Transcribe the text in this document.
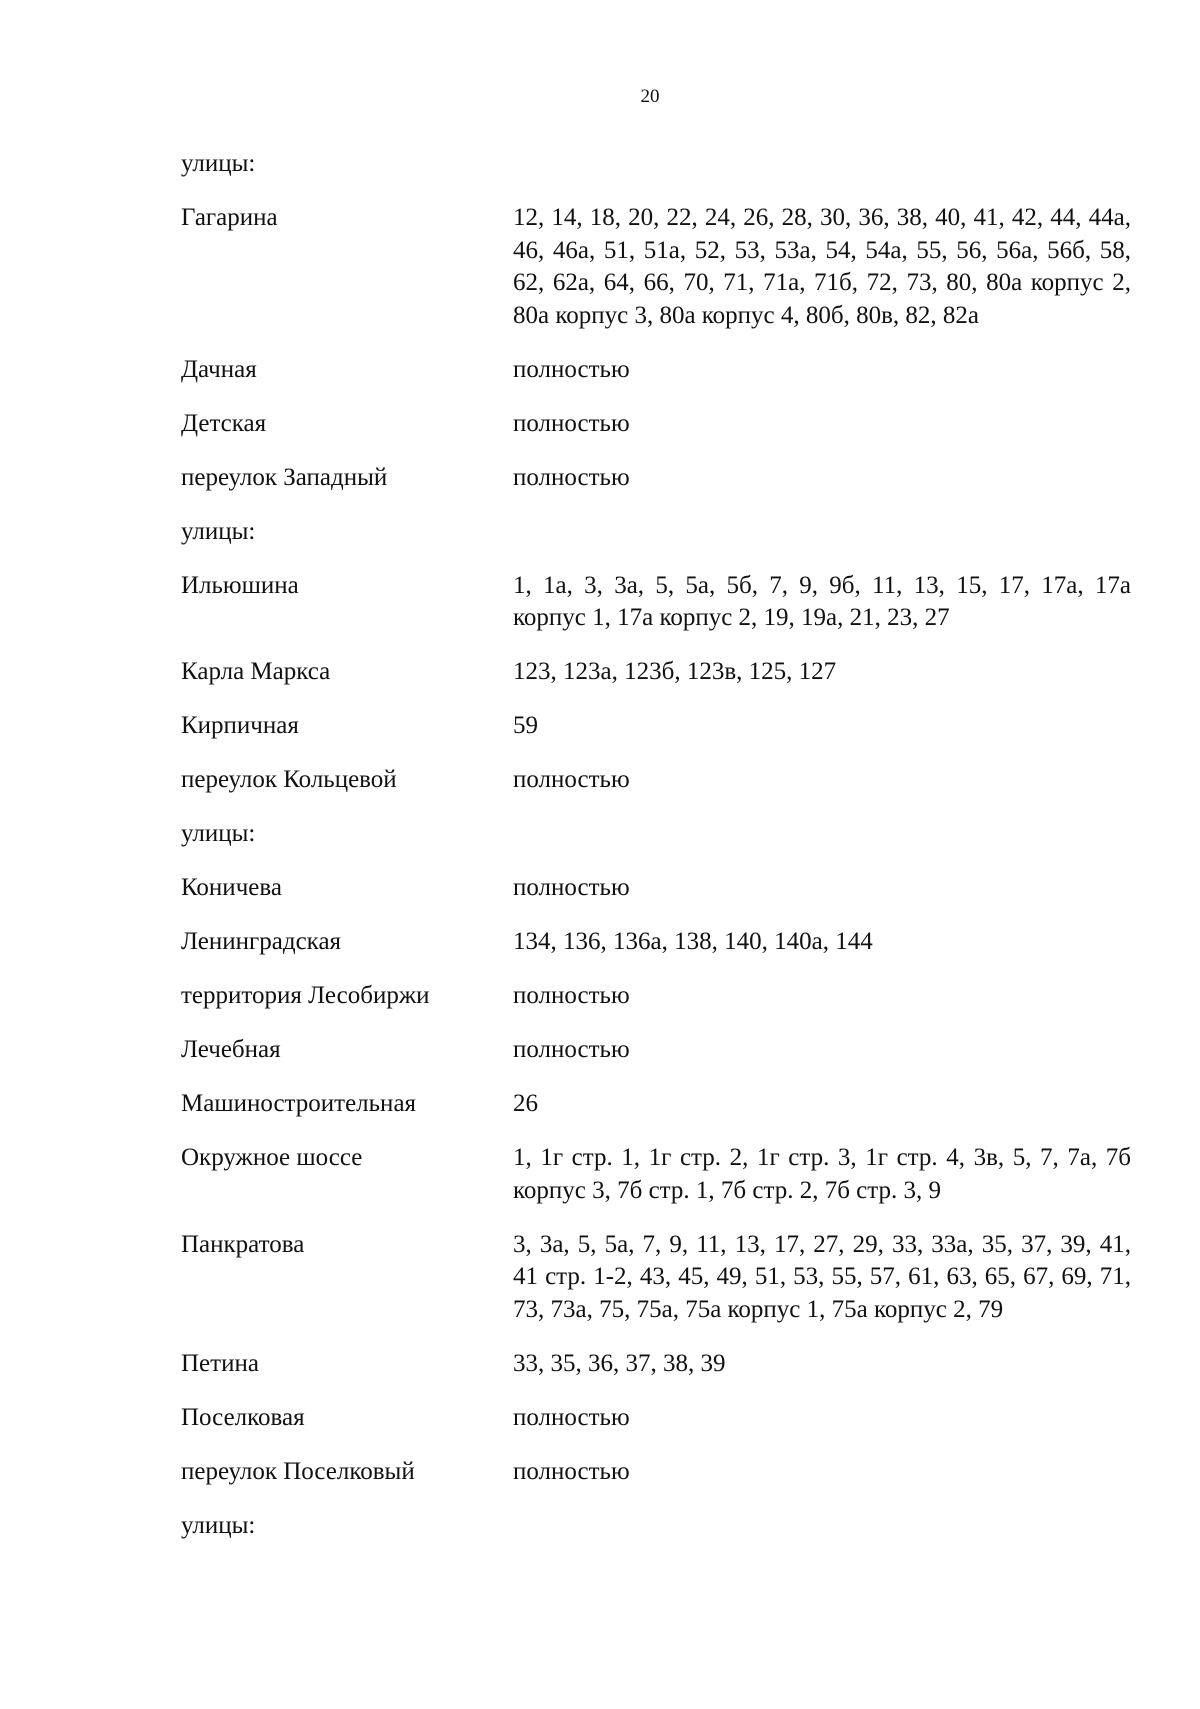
20
улицы:
Гагарина	12, 14, 18, 20, 22, 24, 26, 28, 30, 36, 38, 40, 41, 42, 44, 44а, 46, 46а, 51, 51а, 52, 53, 53а, 54, 54а, 55, 56, 56а, 56б, 58, 62, 62а, 64, 66, 70, 71, 71а, 71б, 72, 73, 80, 80а корпус 2, 80а корпус 3, 80а корпус 4, 80б, 80в, 82, 82а
Дачная	полностью
Детская	полностью
переулок Западный	полностью
улицы:
Ильюшина	1, 1а, 3, 3а, 5, 5а, 5б, 7, 9, 9б, 11, 13, 15, 17, 17а, 17а корпус 1, 17а корпус 2, 19, 19а, 21, 23, 27
Карла Маркса	123, 123а, 123б, 123в, 125, 127
Кирпичная	59
переулок Кольцевой	полностью
улицы:
Коничева	полностью
Ленинградская	134, 136, 136а, 138, 140, 140а, 144
территория Лесобиржи	полностью
Лечебная	полностью
Машиностроительная	26
Окружное шоссе	1, 1г стр. 1, 1г стр. 2, 1г стр. 3, 1г стр. 4, 3в, 5, 7, 7а, 7б корпус 3, 7б стр. 1, 7б стр. 2, 7б стр. 3, 9
Панкратова	3, 3а, 5, 5а, 7, 9, 11, 13, 17, 27, 29, 33, 33а, 35, 37, 39, 41, 41 стр. 1-2, 43, 45, 49, 51, 53, 55, 57, 61, 63, 65, 67, 69, 71, 73, 73а, 75, 75а, 75а корпус 1, 75а корпус 2, 79
Петина	33, 35, 36, 37, 38, 39
Поселковая	полностью
переулок Поселковый	полностью
улицы:
